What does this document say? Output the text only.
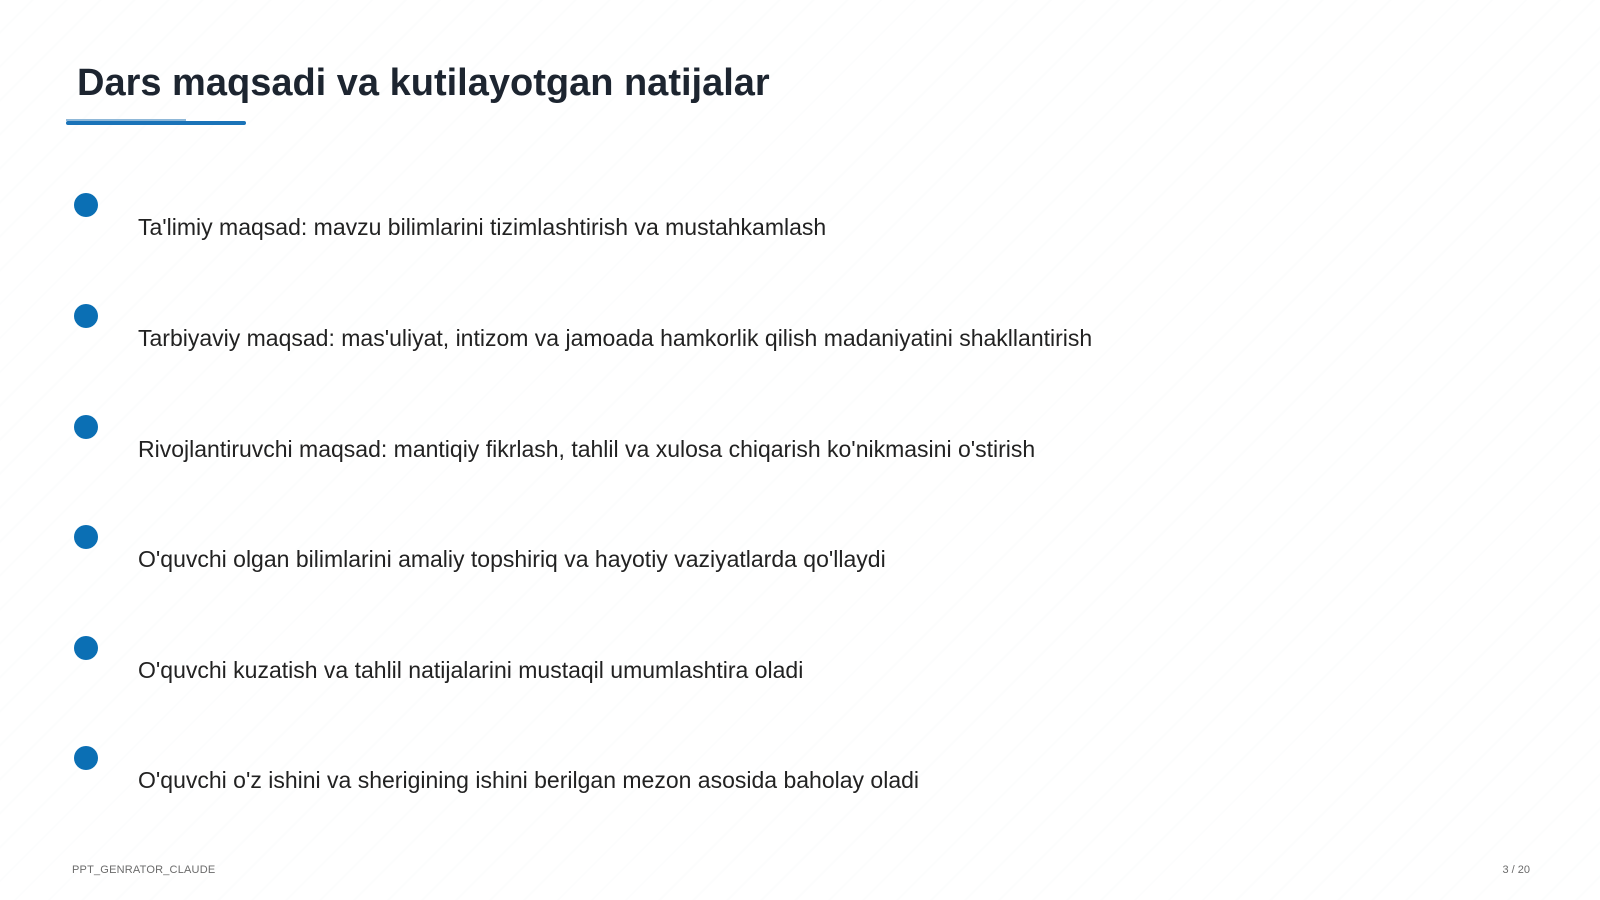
Dars maqsadi va kutilayotgan natijalar
Ta'limiy maqsad: mavzu bilimlarini tizimlashtirish va mustahkamlash
Tarbiyaviy maqsad: mas'uliyat, intizom va jamoada hamkorlik qilish madaniyatini shakllantirish
Rivojlantiruvchi maqsad: mantiqiy fikrlash, tahlil va xulosa chiqarish ko'nikmasini o'stirish
O'quvchi olgan bilimlarini amaliy topshiriq va hayotiy vaziyatlarda qo'llaydi
O'quvchi kuzatish va tahlil natijalarini mustaqil umumlashtira oladi
O'quvchi o'z ishini va sherigining ishini berilgan mezon asosida baholay oladi
PPT_GENRATOR_CLAUDE	3 / 20
